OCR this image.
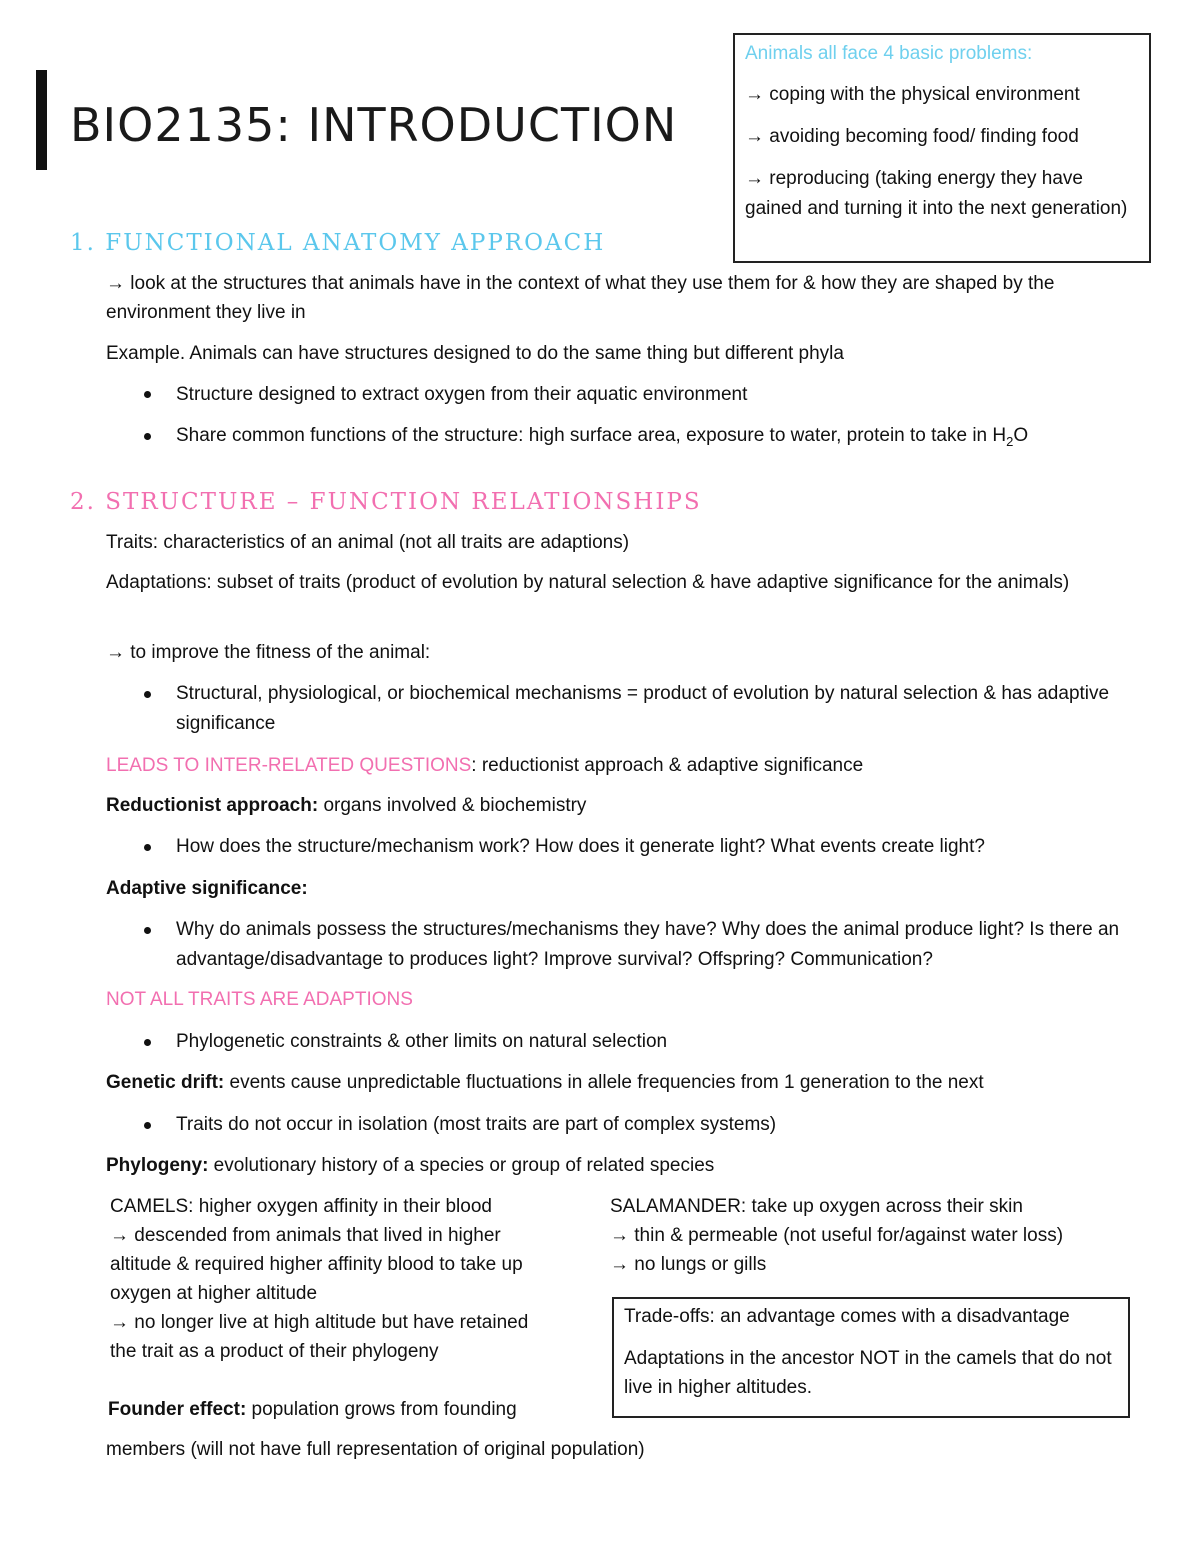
BIO2135: INTRODUCTION
Animals all face 4 basic problems:
→ coping with the physical environment
→ avoiding becoming food/ finding food
→ reproducing (taking energy they have gained and turning it into the next generation)
1. FUNCTIONAL ANATOMY APPROACH
→ look at the structures that animals have in the context of what they use them for & how they are shaped by the environment they live in
Example. Animals can have structures designed to do the same thing but different phyla
Structure designed to extract oxygen from their aquatic environment
Share common functions of the structure: high surface area, exposure to water, protein to take in $H_2O$
2. STRUCTURE – FUNCTION RELATIONSHIPS
Traits: characteristics of an animal (not all traits are adaptions)
Adaptations: subset of traits (product of evolution by natural selection & have adaptive significance for the animals)
→ to improve the fitness of the animal:
Structural, physiological, or biochemical mechanisms = product of evolution by natural selection & has adaptive significance
LEADS TO INTER-RELATED QUESTIONS: reductionist approach & adaptive significance
Reductionist approach: organs involved & biochemistry
How does the structure/mechanism work? How does it generate light? What events create light?
Adaptive significance:
Why do animals possess the structures/mechanisms they have? Why does the animal produce light? Is there an advantage/disadvantage to produces light? Improve survival? Offspring? Communication?
NOT ALL TRAITS ARE ADAPTIONS
Phylogenetic constraints & other limits on natural selection
Genetic drift: events cause unpredictable fluctuations in allele frequencies from 1 generation to the next
Traits do not occur in isolation (most traits are part of complex systems)
Phylogeny: evolutionary history of a species or group of related species
CAMELS: higher oxygen affinity in their blood
→ descended from animals that lived in higher
altitude & required higher affinity blood to take up
oxygen at higher altitude
→ no longer live at high altitude but have retained
the trait as a product of their phylogeny
SALAMANDER: take up oxygen across their skin
→ thin & permeable (not useful for/against water loss)
→ no lungs or gills
Trade-offs: an advantage comes with a disadvantage
Adaptations in the ancestor NOT in the camels that do not live in higher altitudes.
Founder effect: population grows from founding
members (will not have full representation of original population)
